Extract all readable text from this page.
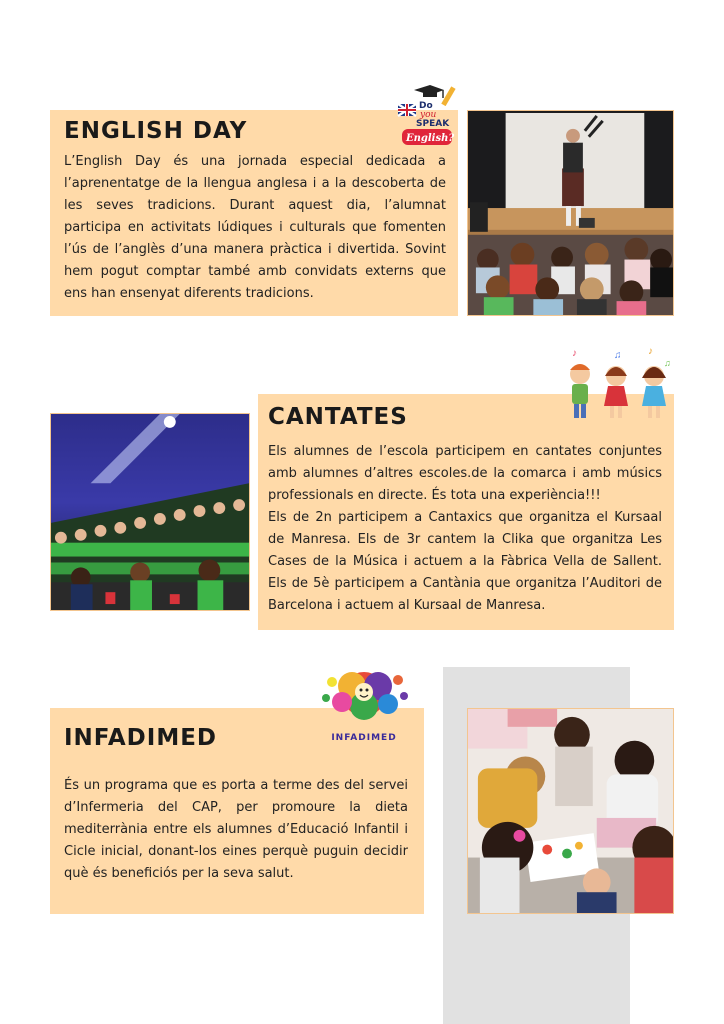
ENGLISH DAY

L’English Day és una jornada especial dedicada a l’aprenentatge de la llengua anglesa i a la descoberta de les seves tradicions. Durant aquest dia, l’alumnat participa en activitats lúdiques i culturals que fomenten l’ús de l’anglès d’una manera pràctica i divertida. Sovint hem pogut comptar també amb convidats externs que ens han ensenyat diferents tradicions.

Do
you
SPEAK
English?
CANTATES

Els alumnes de l’escola participem en cantates conjuntes amb alumnes d’altres escoles.de la comarca i amb músics professionals en directe. És tota una experiència!!!

Els de 2n participem a Cantaxics que organitza el Kursaal de Manresa. Els de 3r cantem la Clika que organitza Les Cases de la Música i actuem a la Fàbrica Vella de Sallent. Els de 5è participem a Cantània que organitza l’Auditori de Barcelona i actuem al Kursaal de Manresa.

♪	♫	♪
♫
INFADIMED

És un programa que es porta a terme des del servei d’Infermeria del CAP, per promoure la dieta mediterrània entre els alumnes d’Educació Infantil i Cicle inicial, donant-los eines perquè puguin decidir què és beneficiós per la seva salut.

INFADIMED
